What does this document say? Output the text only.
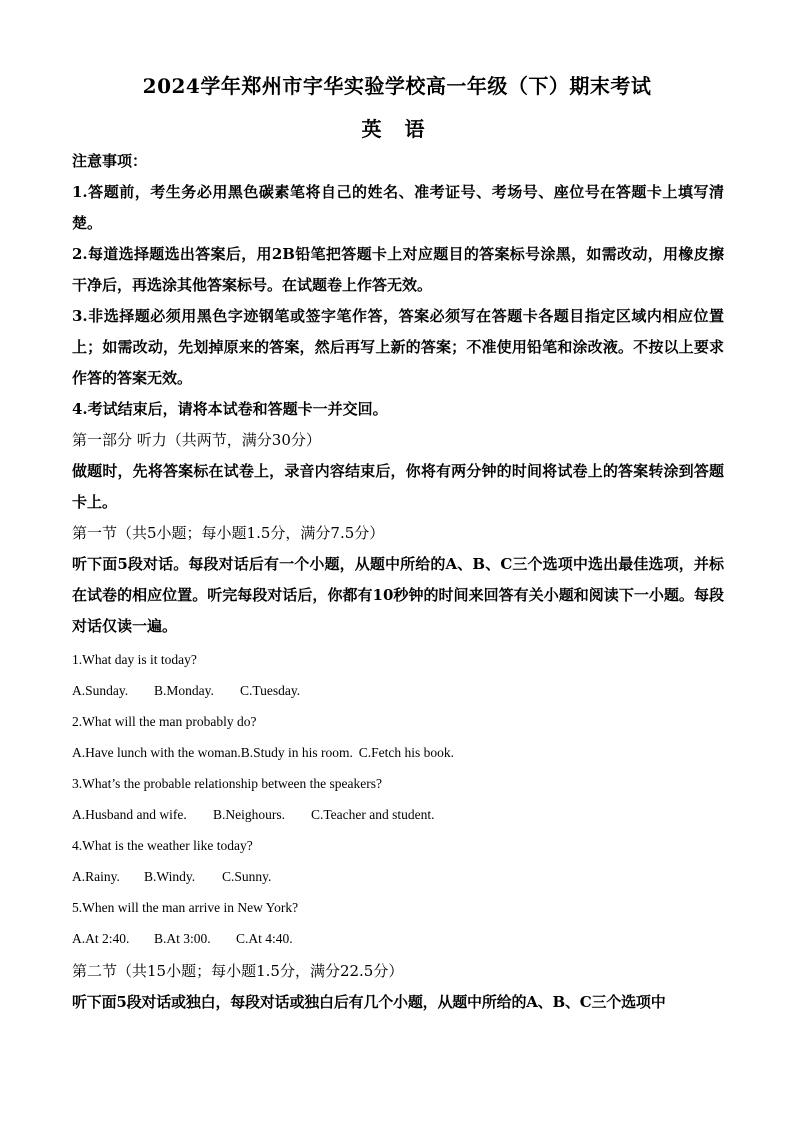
2024学年郑州市宇华实验学校高一年级（下）期末考试
英 语

注意事项：

1.答题前，考生务必用黑色碳素笔将自己的姓名、准考证号、考场号、座位号在答题卡上填写清楚。

2.每道选择题选出答案后，用2B铅笔把答题卡上对应题目的答案标号涂黑，如需改动，用橡皮擦干净后，再选涂其他答案标号。在试题卷上作答无效。

3.非选择题必须用黑色字迹钢笔或签字笔作答，答案必须写在答题卡各题目指定区域内相应位置上；如需改动，先划掉原来的答案，然后再写上新的答案；不准使用铅笔和涂改液。不按以上要求作答的答案无效。

4.考试结束后，请将本试卷和答题卡一并交回。

第一部分 听力（共两节，满分30分）

做题时，先将答案标在试卷上，录音内容结束后，你将有两分钟的时间将试卷上的答案转涂到答题卡上。

第一节（共5小题；每小题1.5分，满分7.5分）

听下面5段对话。每段对话后有一个小题，从题中所给的A、B、C三个选项中选出最佳选项，并标在试卷的相应位置。听完每段对话后，你都有10秒钟的时间来回答有关小题和阅读下一小题。每段对话仅读一遍。

1.What day is it today?

A.Sunday. B.Monday. C.Tuesday.

2.What will the man probably do?

A.Have lunch with the woman.B.Study in his room. C.Fetch his book.

3.What’s the probable relationship between the speakers?

A.Husband and wife. B.Neighours. C.Teacher and student.

4.What is the weather like today?

A.Rainy. B.Windy. C.Sunny.

5.When will the man arrive in New York?

A.At 2:40. B.At 3:00. C.At 4:40.

第二节（共15小题；每小题1.5分，满分22.5分）

听下面5段对话或独白，每段对话或独白后有几个小题，从题中所给的A、B、C三个选项中
